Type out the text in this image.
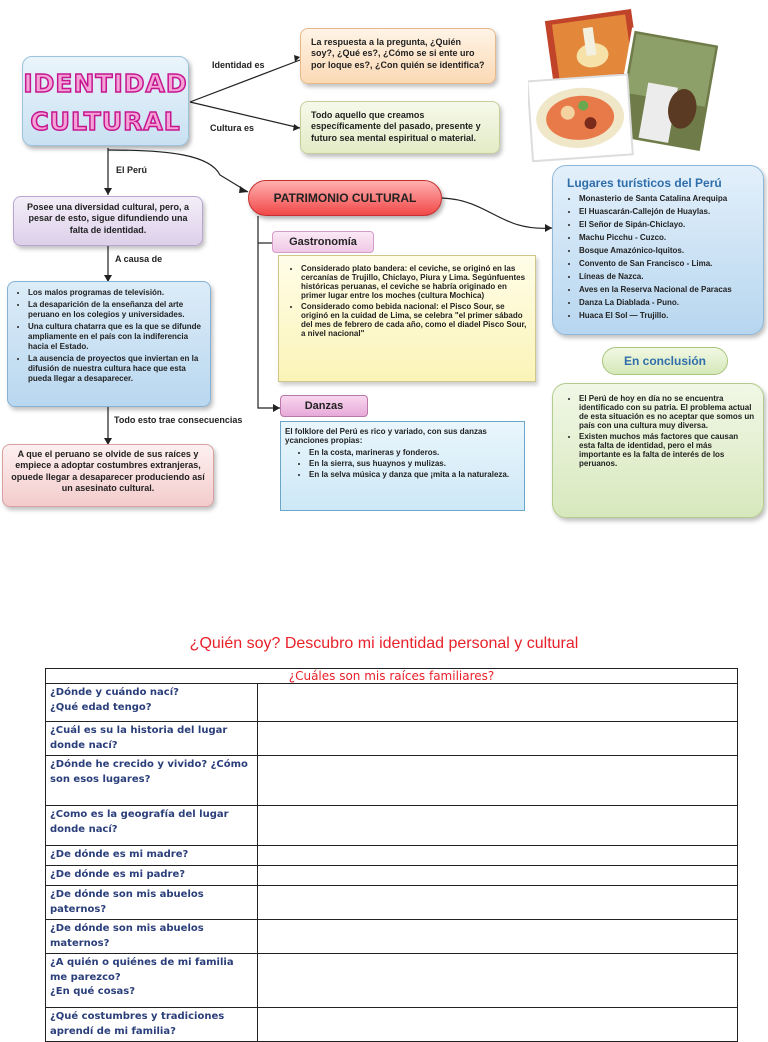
IDENTIDAD
CULTURAL
Identidad es
Cultura es
El Perú
A causa de
Todo esto trae consecuencias
La respuesta a la pregunta, ¿Quién soy?, ¿Qué es?, ¿Cómo se si ente uro por loque es?, ¿Con quién se identifica?
Todo aquello que creamos específicamente del pasado, presente y futuro sea mental espiritual o material.
Posee una diversidad cultural, pero, a pesar de esto, sigue difundiendo una falta de identidad.
• Los malos programas de televisión.
• La desaparición de la enseñanza del arte peruano en los colegios y universidades.
• Una cultura chatarra que es la que se difunde ampliamente en el país con la indiferencia hacia el Estado.
• La ausencia de proyectos que inviertan en la difusión de nuestra cultura hace que esta pueda llegar a desaparecer.
A que el peruano se olvide de sus raíces y empiece a adoptar costumbres extranjeras, opuede llegar a desaparecer produciendo así un asesinato cultural.
PATRIMONIO CULTURAL
Gastronomía
• Considerado plato bandera: el ceviche, se originó en las cercanías de Trujillo, Chiclayo, Piura y Lima. Segúnfuentes históricas peruanas, el ceviche se habría originado en primer lugar entre los moches (cultura Mochica)
• Considerado como bebida nacional: el Pisco Sour, se originó en la cuidad de Lima, se celebra "el primer sábado del mes de febrero de cada año, como el diadel Pisco Sour, a nivel nacional"
Danzas

El folklore del Perú es rico y variado, con sus danzas ycanciones propias:

• En la costa, marineras y fonderos.
• En la sierra, sus huaynos y mulizas.
• En la selva música y danza que ¡mita a la naturaleza.
Lugares turísticos del Perú
• Monasterio de Santa Catalina Arequipa
• El Huascarán-Callejón de Huaylas.
• El Señor de Sipán-Chiclayo.
• Machu Picchu - Cuzco.
• Bosque Amazónico-Iquitos.
• Convento de San Francisco - Lima.
• Líneas de Nazca.
• Aves en la Reserva Nacional de Paracas
• Danza La Diablada - Puno.
• Huaca El Sol — Trujillo.
En conclusión
• El Perú de hoy en día no se encuentra identificado con su patria. El problema actual de esta situación es no aceptar que somos un país con una cultura muy diversa.
• Existen muchos más factores que causan esta falta de identidad, pero el más importante es la falta de interés de los peruanos.
¿Quién soy? Descubro mi identidad personal y cultural
¿Cuáles son mis raíces familiares?	
¿Dónde y cuándo nací?
¿Qué edad tengo?	
¿Cuál es su la historia del lugar donde nací?	
¿Dónde he crecido y vivido? ¿Cómo son esos lugares?	
¿Como es la geografía del lugar donde nací?	
¿De dónde es mi madre?	
¿De dónde es mi padre?	
¿De dónde son mis abuelos paternos?	
¿De dónde son mis abuelos maternos?	
¿A quién o quiénes de mi familia me parezco?
¿En qué cosas?	
¿Qué costumbres y tradiciones aprendí de mi familia?	
